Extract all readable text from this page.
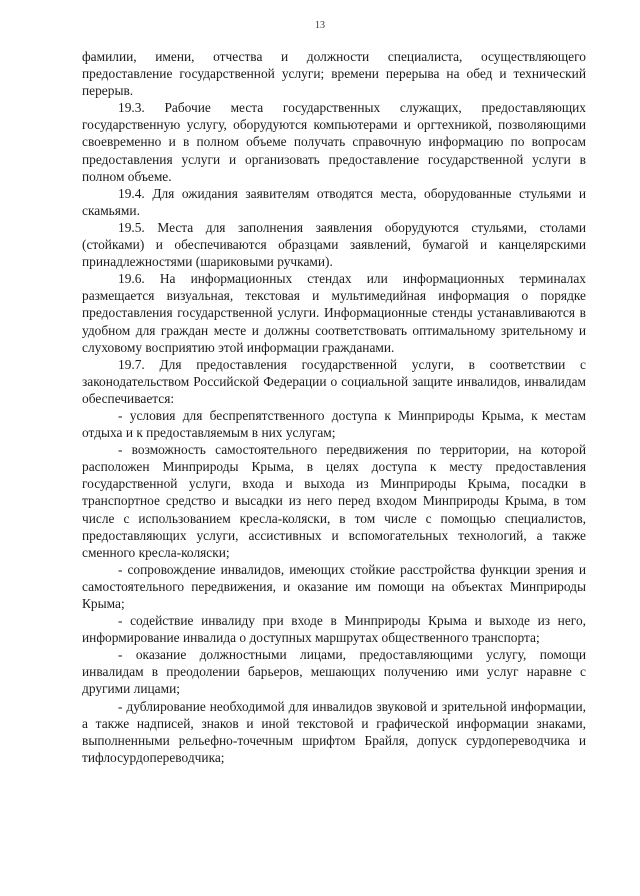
13

фамилии, имени, отчества и должности специалиста, осуществляющего предоставление государственной услуги; времени перерыва на обед и технический перерыв.

19.3. Рабочие места государственных служащих, предоставляющих государственную услугу, оборудуются компьютерами и оргтехникой, позволяющими своевременно и в полном объеме получать справочную информацию по вопросам предоставления услуги и организовать предоставление государственной услуги в полном объеме.

19.4. Для ожидания заявителям отводятся места, оборудованные стульями и скамьями.

19.5. Места для заполнения заявления оборудуются стульями, столами (стойками) и обеспечиваются образцами заявлений, бумагой и канцелярскими принадлежностями (шариковыми ручками).

19.6. На информационных стендах или информационных терминалах размещается визуальная, текстовая и мультимедийная информация о порядке предоставления государственной услуги. Информационные стенды устанавливаются в удобном для граждан месте и должны соответствовать оптимальному зрительному и слуховому восприятию этой информации гражданами.

19.7. Для предоставления государственной услуги, в соответствии с законодательством Российской Федерации о социальной защите инвалидов, инвалидам обеспечивается:

- условия для беспрепятственного доступа к Минприроды Крыма, к местам отдыха и к предоставляемым в них услугам;

- возможность самостоятельного передвижения по территории, на которой расположен Минприроды Крыма, в целях доступа к месту предоставления государственной услуги, входа и выхода из Минприроды Крыма, посадки в транспортное средство и высадки из него перед входом Минприроды Крыма, в том числе с использованием кресла-коляски, в том числе с помощью специалистов, предоставляющих услуги, ассистивных и вспомогательных технологий, а также сменного кресла-коляски;

- сопровождение инвалидов, имеющих стойкие расстройства функции зрения и самостоятельного передвижения, и оказание им помощи на объектах Минприроды Крыма;

- содействие инвалиду при входе в Минприроды Крыма и выходе из него, информирование инвалида о доступных маршрутах общественного транспорта;

- оказание должностными лицами, предоставляющими услугу, помощи инвалидам в преодолении барьеров, мешающих получению ими услуг наравне с другими лицами;

- дублирование необходимой для инвалидов звуковой и зрительной информации, а также надписей, знаков и иной текстовой и графической информации знаками, выполненными рельефно-точечным шрифтом Брайля, допуск сурдопереводчика и тифлосурдопереводчика;
